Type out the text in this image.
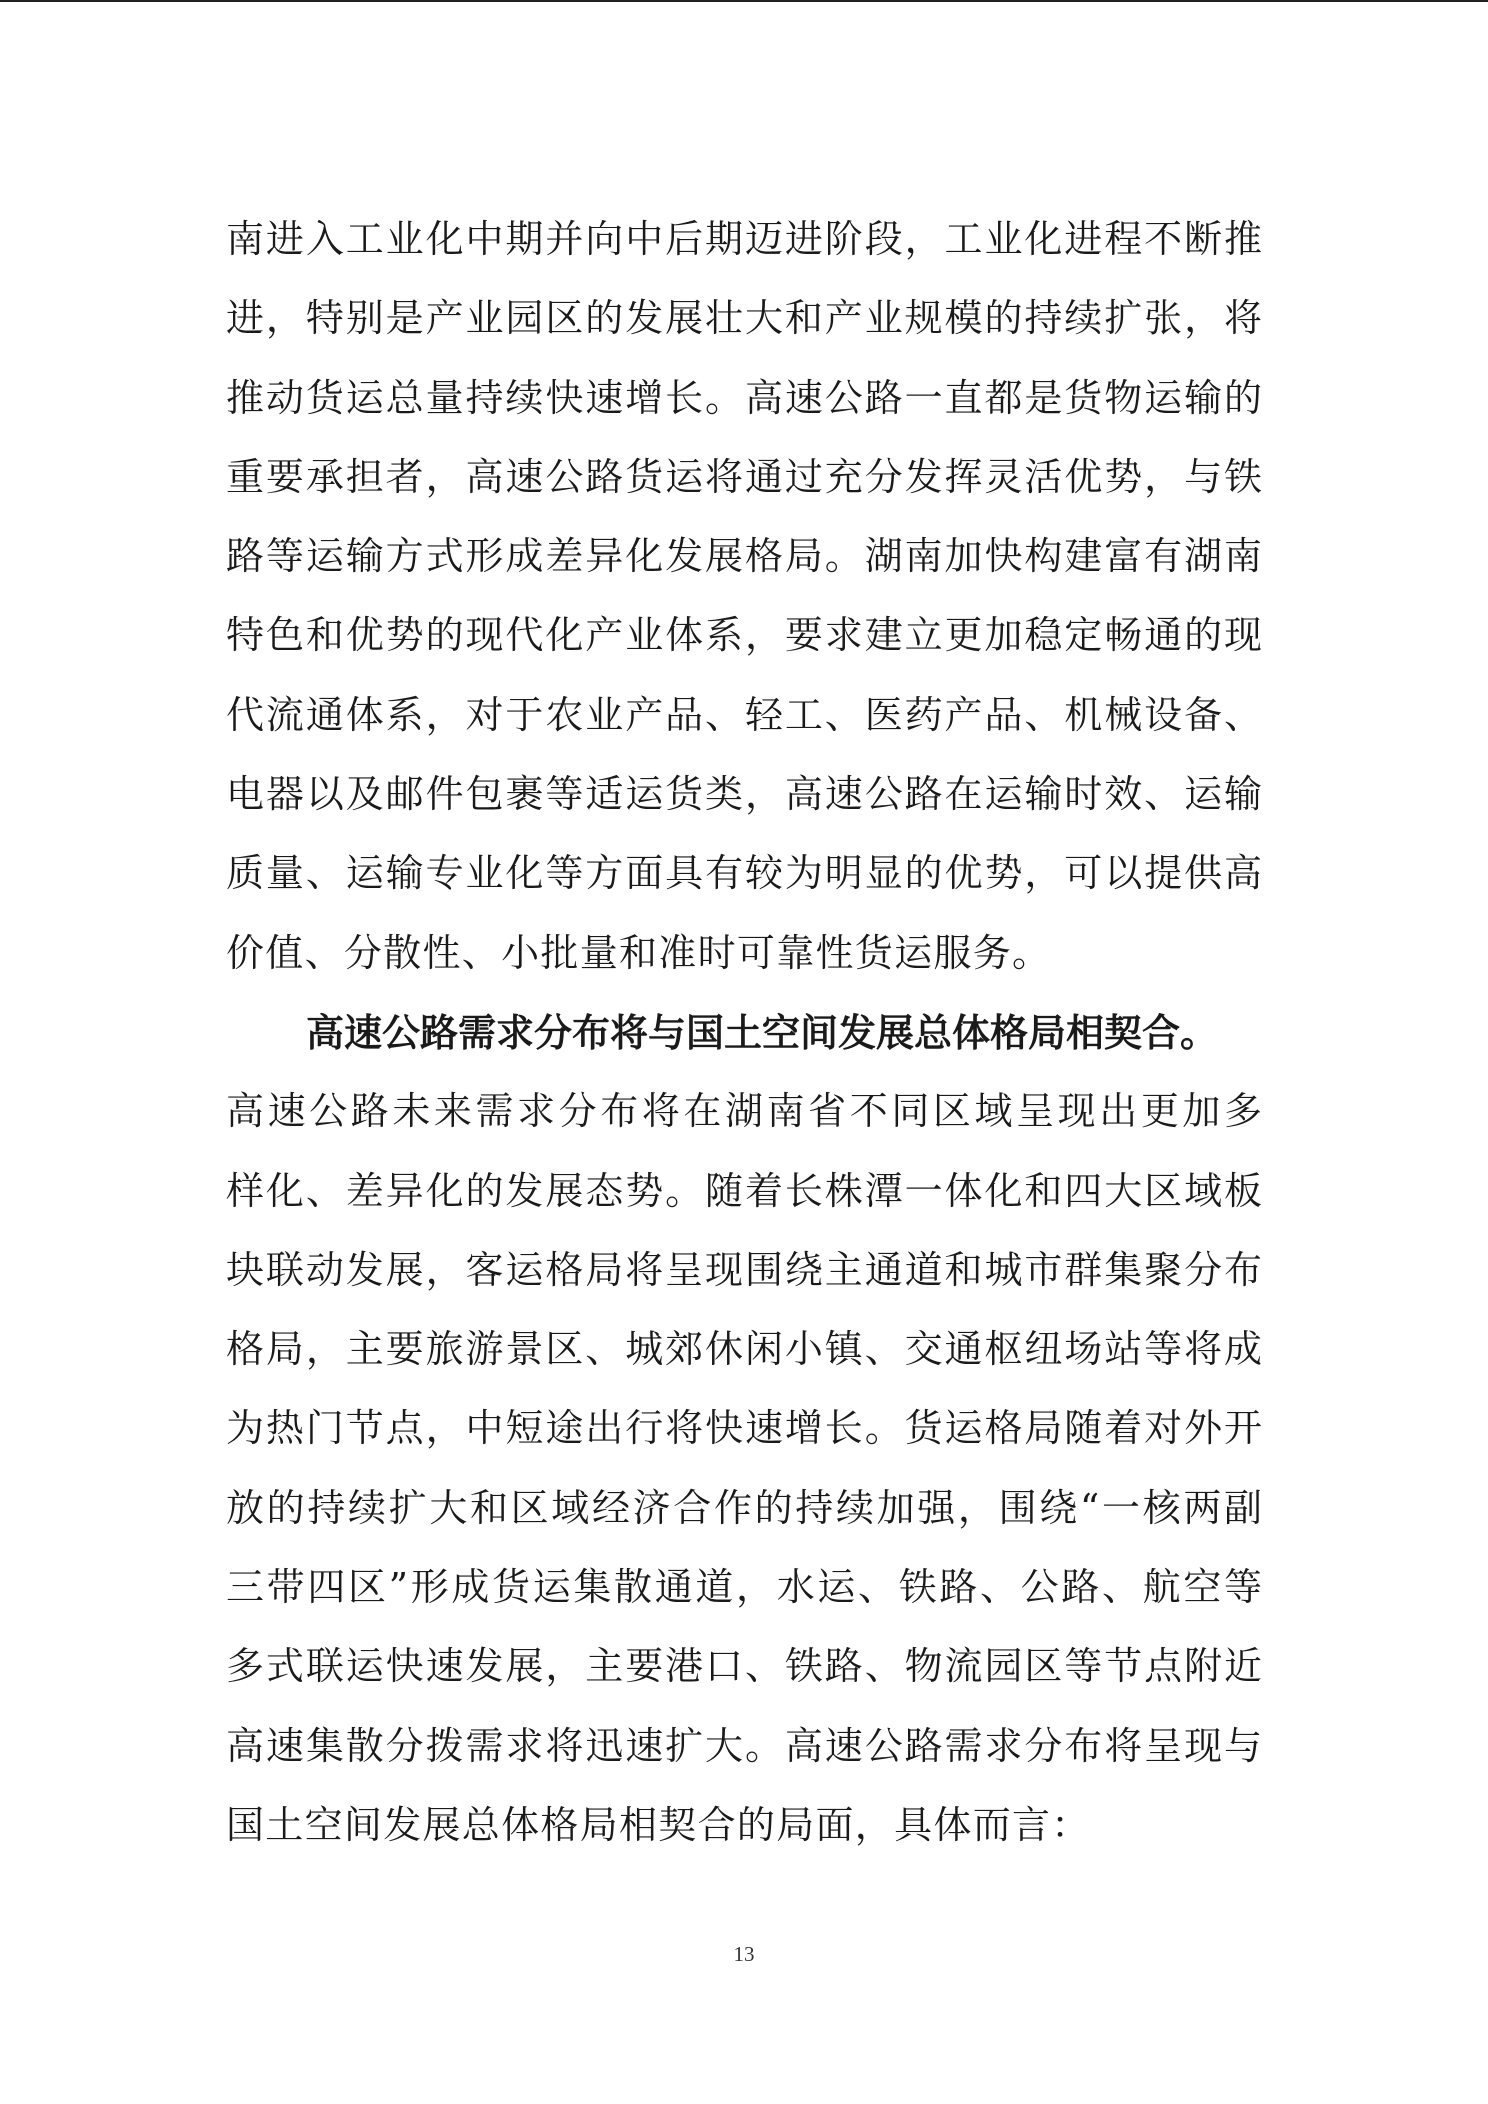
南进入工业化中期并向中后期迈进阶段，工业化进程不断推
进，特别是产业园区的发展壮大和产业规模的持续扩张，将
推动货运总量持续快速增长。高速公路一直都是货物运输的
重要承担者，高速公路货运将通过充分发挥灵活优势，与铁
路等运输方式形成差异化发展格局。湖南加快构建富有湖南
特色和优势的现代化产业体系，要求建立更加稳定畅通的现
代流通体系，对于农业产品、轻工、医药产品、机械设备、
电器以及邮件包裹等适运货类，高速公路在运输时效、运输
质量、运输专业化等方面具有较为明显的优势，可以提供高
价值、分散性、小批量和准时可靠性货运服务。
高速公路需求分布将与国土空间发展总体格局相契合。
高速公路未来需求分布将在湖南省不同区域呈现出更加多
样化、差异化的发展态势。随着长株潭一体化和四大区域板
块联动发展，客运格局将呈现围绕主通道和城市群集聚分布
格局，主要旅游景区、城郊休闲小镇、交通枢纽场站等将成
为热门节点，中短途出行将快速增长。货运格局随着对外开
放的持续扩大和区域经济合作的持续加强，围绕“一核两副
三带四区”形成货运集散通道，水运、铁路、公路、航空等
多式联运快速发展，主要港口、铁路、物流园区等节点附近
高速集散分拨需求将迅速扩大。高速公路需求分布将呈现与
国土空间发展总体格局相契合的局面，具体而言：
13
